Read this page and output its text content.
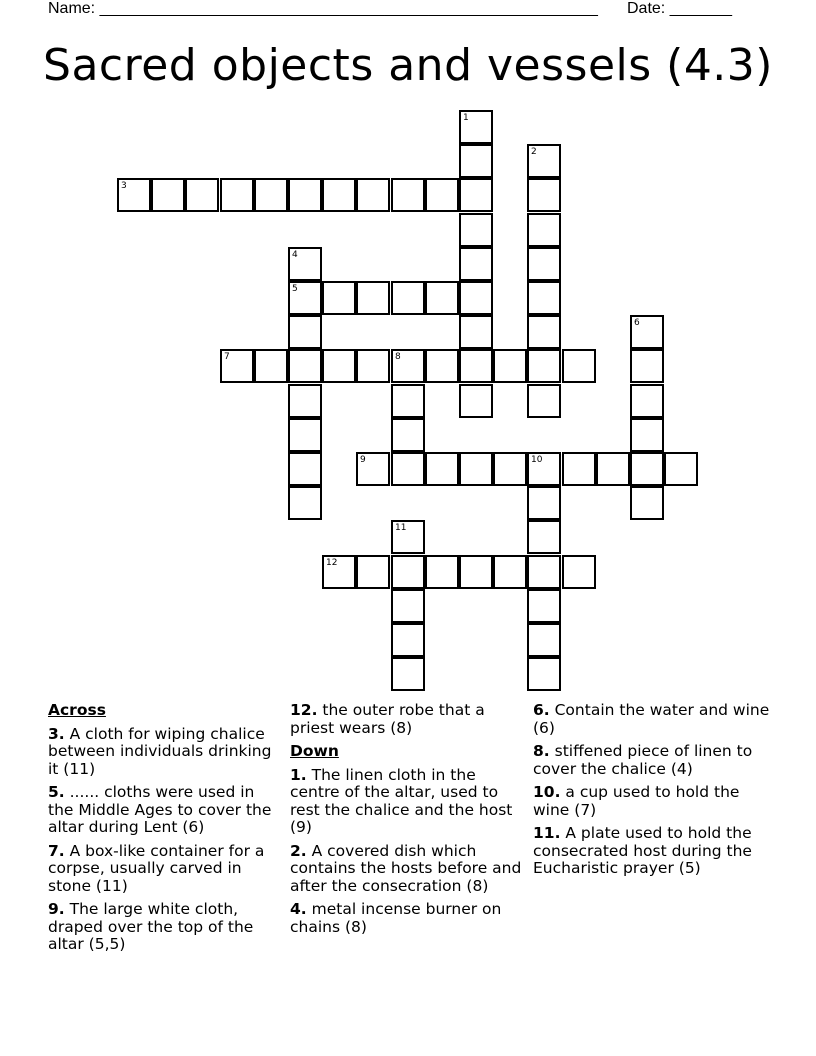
Name: ________________________________________________________ Date: _______
Sacred objects and vessels (4.3)
1
2
3
4
5
6
7	8
9	10
11
12
Across
3. A cloth for wiping chalice between individuals drinking it (11)
5. ...... cloths were used in the Middle Ages to cover the altar during Lent (6)
7. A box-like container for a corpse, usually carved in stone (11)
9. The large white cloth, draped over the top of the altar (5,5)
12. the outer robe that a priest wears (8)
Down
1. The linen cloth in the centre of the altar, used to rest the chalice and the host (9)
2. A covered dish which contains the hosts before and after the consecration (8)
4. metal incense burner on chains (8)
6. Contain the water and wine (6)
8. stiffened piece of linen to cover the chalice (4)
10. a cup used to hold the wine (7)
11. A plate used to hold the consecrated host during the Eucharistic prayer (5)
